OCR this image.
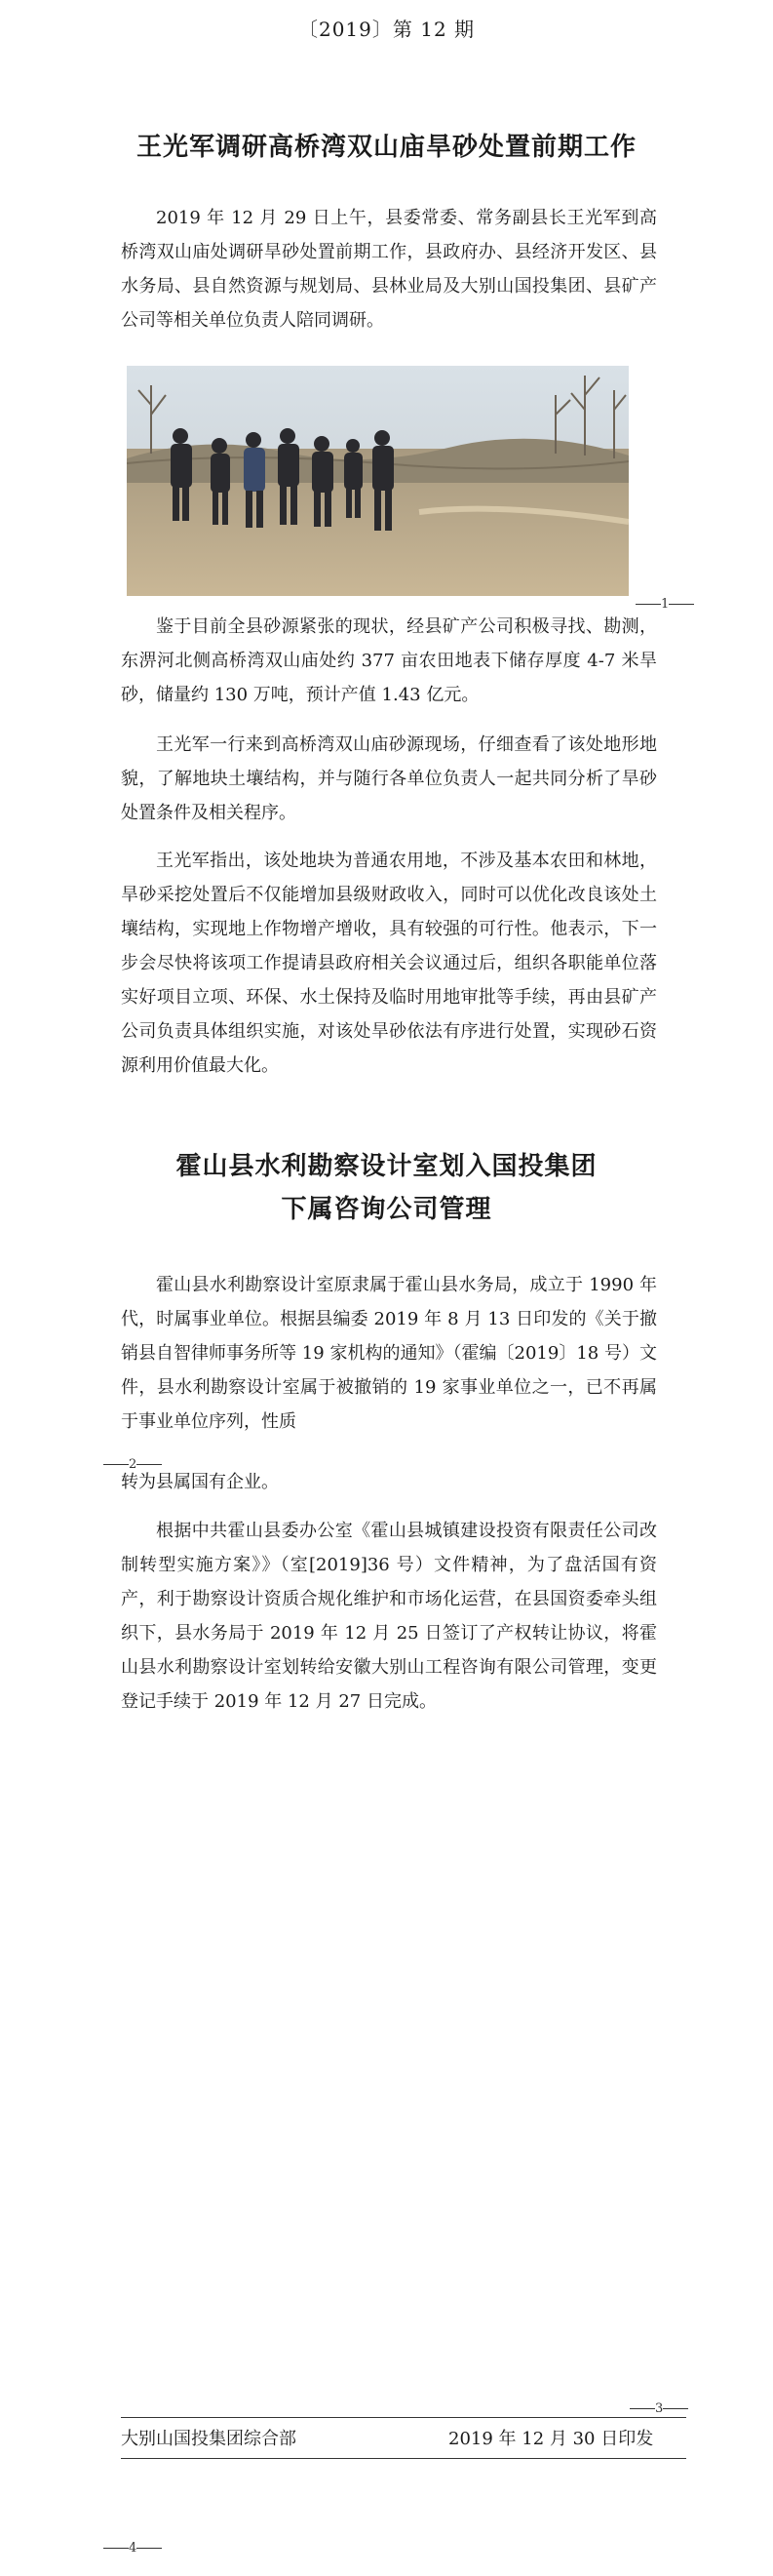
〔2019〕第 12 期
王光军调研高桥湾双山庙旱砂处置前期工作

2019 年 12 月 29 日上午，县委常委、常务副县长王光军到高桥湾双山庙处调研旱砂处置前期工作，县政府办、县经济开发区、县水务局、县自然资源与规划局、县林业局及大别山国投集团、县矿产公司等相关单位负责人陪同调研。

1

鉴于目前全县砂源紧张的现状，经县矿产公司积极寻找、勘测，东淠河北侧高桥湾双山庙处约 377 亩农田地表下储存厚度 4-7 米旱砂，储量约 130 万吨，预计产值 1.43 亿元。

王光军一行来到高桥湾双山庙砂源现场，仔细查看了该处地形地貌，了解地块土壤结构，并与随行各单位负责人一起共同分析了旱砂处置条件及相关程序。

王光军指出，该处地块为普通农用地，不涉及基本农田和林地，旱砂采挖处置后不仅能增加县级财政收入，同时可以优化改良该处土壤结构，实现地上作物增产增收，具有较强的可行性。他表示，下一步会尽快将该项工作提请县政府相关会议通过后，组织各职能单位落实好项目立项、环保、水土保持及临时用地审批等手续，再由县矿产公司负责具体组织实施，对该处旱砂依法有序进行处置，实现砂石资源利用价值最大化。

霍山县水利勘察设计室划入国投集团
下属咨询公司管理

霍山县水利勘察设计室原隶属于霍山县水务局，成立于 1990 年代，时属事业单位。根据县编委 2019 年 8 月 13 日印发的《关于撤销县自智律师事务所等 19 家机构的通知》（霍编〔2019〕18 号）文件，县水利勘察设计室属于被撤销的 19 家事业单位之一，已不再属于事业单位序列，性质

2

转为县属国有企业。

根据中共霍山县委办公室《霍山县城镇建设投资有限责任公司改制转型实施方案》》（室[2019]36 号）文件精神，为了盘活国有资产，利于勘察设计资质合规化维护和市场化运营，在县国资委牵头组织下，县水务局于 2019 年 12 月 25 日签订了产权转让协议，将霍山县水利勘察设计室划转给安徽大别山工程咨询有限公司管理，变更登记手续于 2019 年 12 月 27 日完成。

3
大别山国投集团综合部	2019 年 12 月 30 日印发
4
